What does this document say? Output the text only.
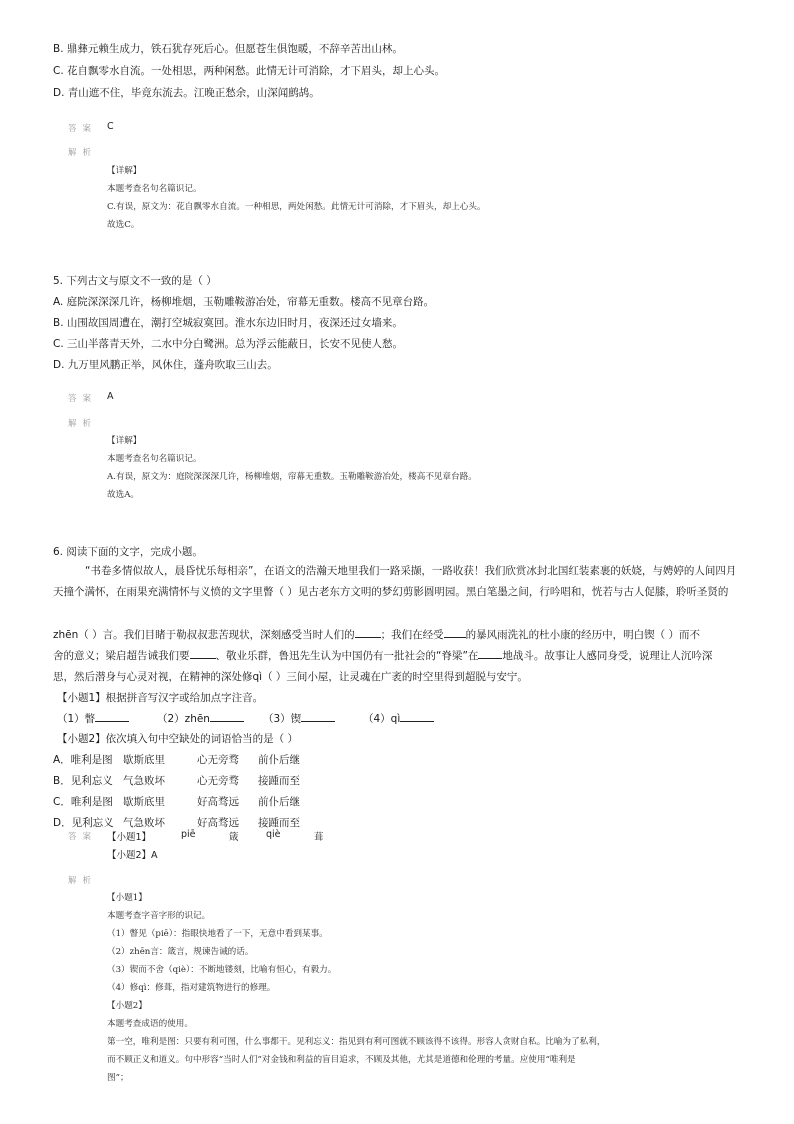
B. 鼎彝元赖生成力，铁石犹存死后心。但愿苍生俱饱暖，不辞辛苦出山林。
C. 花自飘零水自流。一处相思，两种闲愁。此情无计可消除，才下眉头，却上心头。
D. 青山遮不住，毕竟东流去。江晚正愁余，山深闻鹧鸪。
答案 C
解析
【详解】
本题考查名句名篇识记。
C.有误，原文为：花自飘零水自流。一种相思，两处闲愁。此情无计可消除，才下眉头，却上心头。
故选C。
5. 下列古文与原文不一致的是（ ）
A. 庭院深深深几许，杨柳堆烟，玉勒雕鞍游冶处，帘幕无重数。楼高不见章台路。
B. 山围故国周遭在，潮打空城寂寞回。淮水东边旧时月，夜深还过女墙来。
C. 三山半落青天外，二水中分白鹭洲。总为浮云能蔽日，长安不见使人愁。
D. 九万里风鹏正举，风休住，蓬舟吹取三山去。
答案 A
解析
【详解】
本题考查名句名篇识记。
A.有误，原文为：庭院深深深几许，杨柳堆烟，帘幕无重数。玉勒雕鞍游冶处，楼高不见章台路。
故选A。
6. 阅读下面的文字，完成小题。
“书卷多情似故人，晨昏忧乐每相亲”，在语文的浩瀚天地里我们一路采撷，一路收获！我们欣赏冰封北国红装素裹的妖娆，与娉婷的人间四月天撞个满怀，在雨果充满情怀与义愤的文字里瞥（ ）见古老东方文明的梦幻剪影圆明园。黑白笔墨之间，行吟唱和，恍若与古人促膝，聆听圣贤的
zhēn（ ）言。我们目睹于勒叔叔悲苦现状，深刻感受当时人们的 ；我们在经受 的暴风雨洗礼的杜小康的经历中，明白锲（ ）而不
舍的意义；梁启超告诫我们要 、敬业乐群，鲁迅先生认为中国仍有一批社会的“脊梁”在 地战斗。故事让人感同身受，说理让人沉吟深
思，然后潜身与心灵对视，在精神的深处修qì（ ）三间小屋，让灵魂在广袤的时空里得到超脱与安宁。
【小题1】根据拼音写汉字或给加点字注音。
（1）瞥	（2）zhēn	（3）锲	（4）qì
【小题2】依次填入句中空缺处的词语恰当的是（ ）
A．唯利是图 歇斯底里	心无旁骛 前仆后继
B．见利忘义 气急败坏	心无旁骛 接踵而至
C．唯利是图 歇斯底里	好高骛远 前仆后继
D．见利忘义 气急败坏	好高骛远 接踵而至
答案 【小题1】	piē	箴	qiè	葺
【小题2】A
解析
【小题1】
本题考查字音字形的识记。
（1）瞥见（piē）：指眼快地看了一下，无意中看到某事。
（2）zhēn言：箴言，规谏告诫的话。
（3）锲而不舍（qiè）：不断地镂刻，比喻有恒心，有毅力。
（4）修qì：修葺，指对建筑物进行的修理。
【小题2】
本题考查成语的使用。
第一空，唯利是图：只要有利可图，什么事都干。见利忘义：指见到有利可图就不顾该得不该得。形容人贪财自私。比喻为了私利，
而不顾正义和道义。句中形容“当时人们”对金钱和利益的盲目追求，不顾及其他，尤其是道德和伦理的考量。应使用“唯利是
图”；
